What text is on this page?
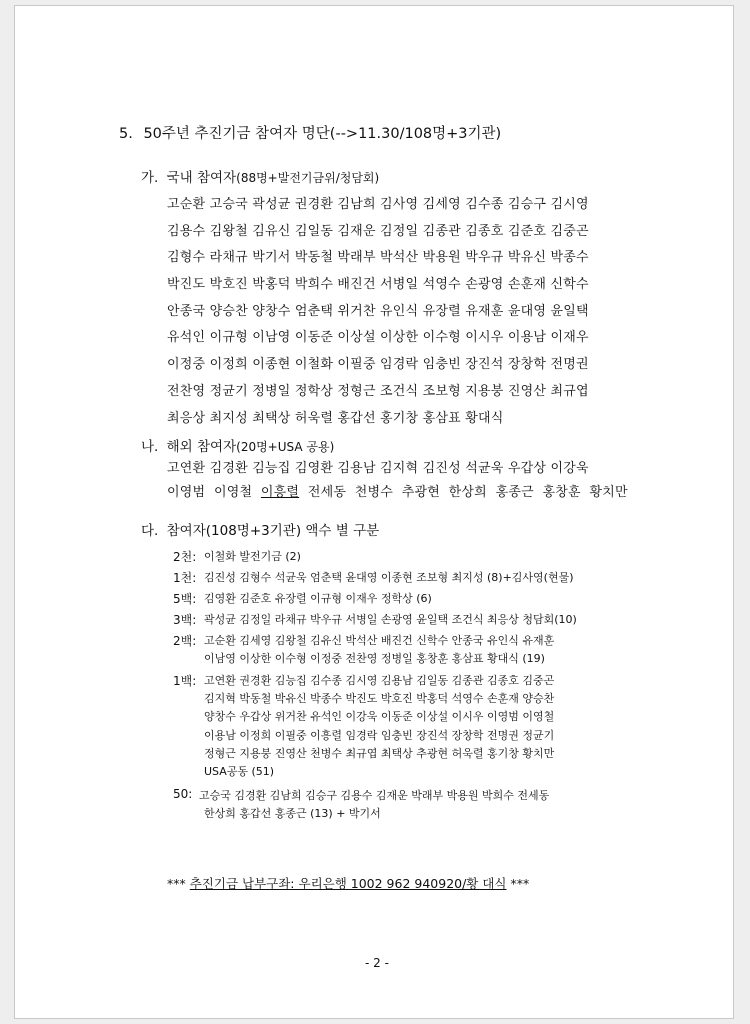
5. 50주년 추진기금 참여자 명단(-->11.30/108명+3기관)
가. 국내 참여자(88명+발전기금위/청담회)
고순환 고승국 곽성균 권경환 김남희 김사영 김세영 김수종 김승구 김시영
김용수 김왕철 김유신 김일동 김재운 김정일 김종관 김종호 김준호 김중곤
김형수 라채규 박기서 박동철 박래부 박석산 박용원 박우규 박유신 박종수
박진도 박호진 박홍덕 박희수 배진건 서병일 석영수 손광영 손훈재 신학수
안종국 양승찬 양창수 엄춘택 위거찬 유인식 유장렬 유재훈 윤대영 윤일택
유석인 이규형 이남영 이동준 이상설 이상한 이수형 이시우 이용남 이재우
이정중 이정희 이종현 이철화 이필중 임경락 임충빈 장진석 장창학 전명권
전찬영 정균기 정병일 정학상 정형근 조건식 조보형 지용붕 진영산 최규엽
최응상 최지성 최택상 허욱렬 홍갑선 홍기창 홍삼표 황대식
나. 해외 참여자(20명+USA 공용)
고연환 김경환 김능집 김영환 김용남 김지혁 김진성 석균욱 우갑상 이강욱
이영범  이영철  이흥렬  전세동  천병수  추광현  한상희  홍종근  홍창훈  황치만
다. 참여자(108명+3기관) 액수 별 구분
2천: 이철화 발전기금 (2)
1천: 김진성 김형수 석균욱 엄춘택 윤대영 이종현 조보형 최지성 (8)+김사영(현물)
5백: 김영환 김준호 유장렬 이규형 이재우 정학상 (6)
3백: 곽성균 김정일 라채규 박우규 서병일 손광영 윤일택 조건식 최응상 청담회(10)
2백: 고순환 김세영 김왕철 김유신 박석산 배진건 신학수 안종국 유인식 유재훈
이남영 이상한 이수형 이정중 전찬영 정병일 홍창훈 홍삼표 황대식 (19)
1백: 고연환 권경환 김능집 김수종 김시영 김용남 김일동 김종관 김종호 김중곤
김지혁 박동철 박유신 박종수 박진도 박호진 박홍덕 석영수 손훈재 양승찬
양창수 우갑상 위거찬 유석인 이강욱 이동준 이상설 이시우 이영범 이영철
이용남 이정희 이필중 이흥렬 임경락 임충빈 장진석 장창학 전명권 정균기
정형근 지용붕 진영산 천병수 최규엽 최택상 추광현 허욱렬 홍기창 황치만
USA공동 (51)
50: 고승국 김경환 김남희 김승구 김용수 김재운 박래부 박용원 박희수 전세동
한상희 홍갑선 홍종근 (13) + 박기서
*** 추진기금 납부구좌: 우리은행 1002 962 940920/황 대식 ***
- 2 -
